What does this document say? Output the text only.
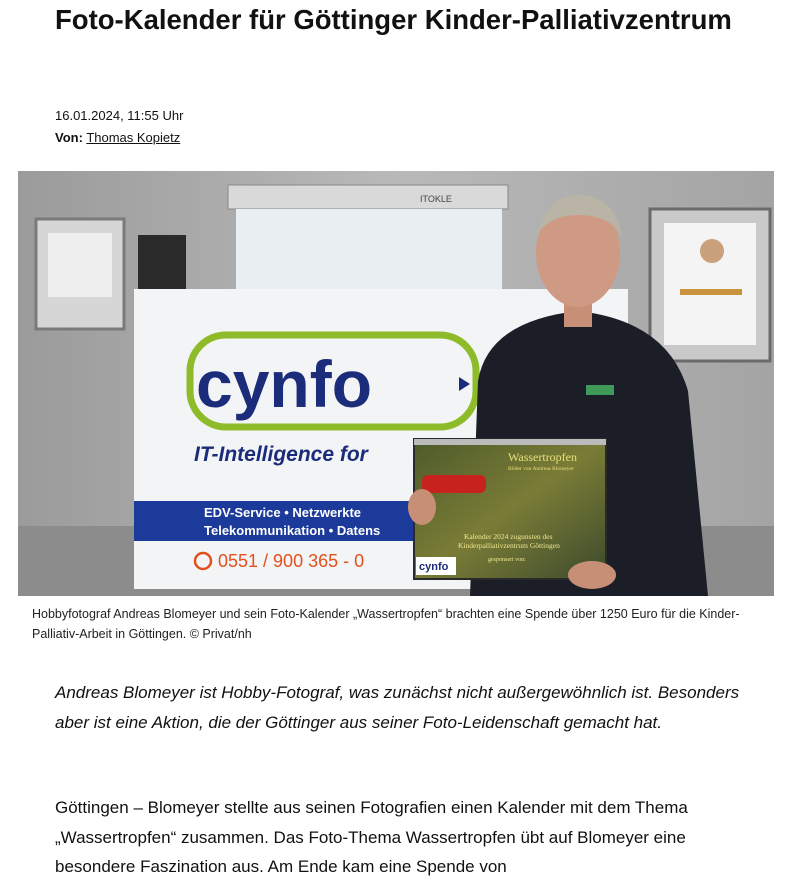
Foto-Kalender für Göttinger Kinder-Palliativzentrum
16.01.2024, 11:55 Uhr
Von: Thomas Kopietz
ITOKLE
cynfo
IT-Intelligence for
EDV-Service • Netzwerkte
Telekommunikation • Datens
0551 / 900 365 - 0
Wassertropfen
Bilder von Andreas Blomeyer
Kalender 2024 zugunsten des
Kinderpalliativzentrum Göttingen
gesponsert von:
cynfo
Hobbyfotograf Andreas Blomeyer und sein Foto-Kalender „Wassertropfen“ brachten eine Spende über 1250 Euro für die Kinder-Palliativ-Arbeit in Göttingen. © Privat/nh

Andreas Blomeyer ist Hobby-Fotograf, was zunächst nicht außergewöhnlich ist. Besonders aber ist eine Aktion, die der Göttinger aus seiner Foto-Leidenschaft gemacht hat.

Göttingen – Blomeyer stellte aus seinen Fotografien einen Kalender mit dem Thema „Wassertropfen“ zusammen. Das Foto-Thema Wassertropfen übt auf Blomeyer eine besondere Faszination aus. Am Ende kam eine Spende von
